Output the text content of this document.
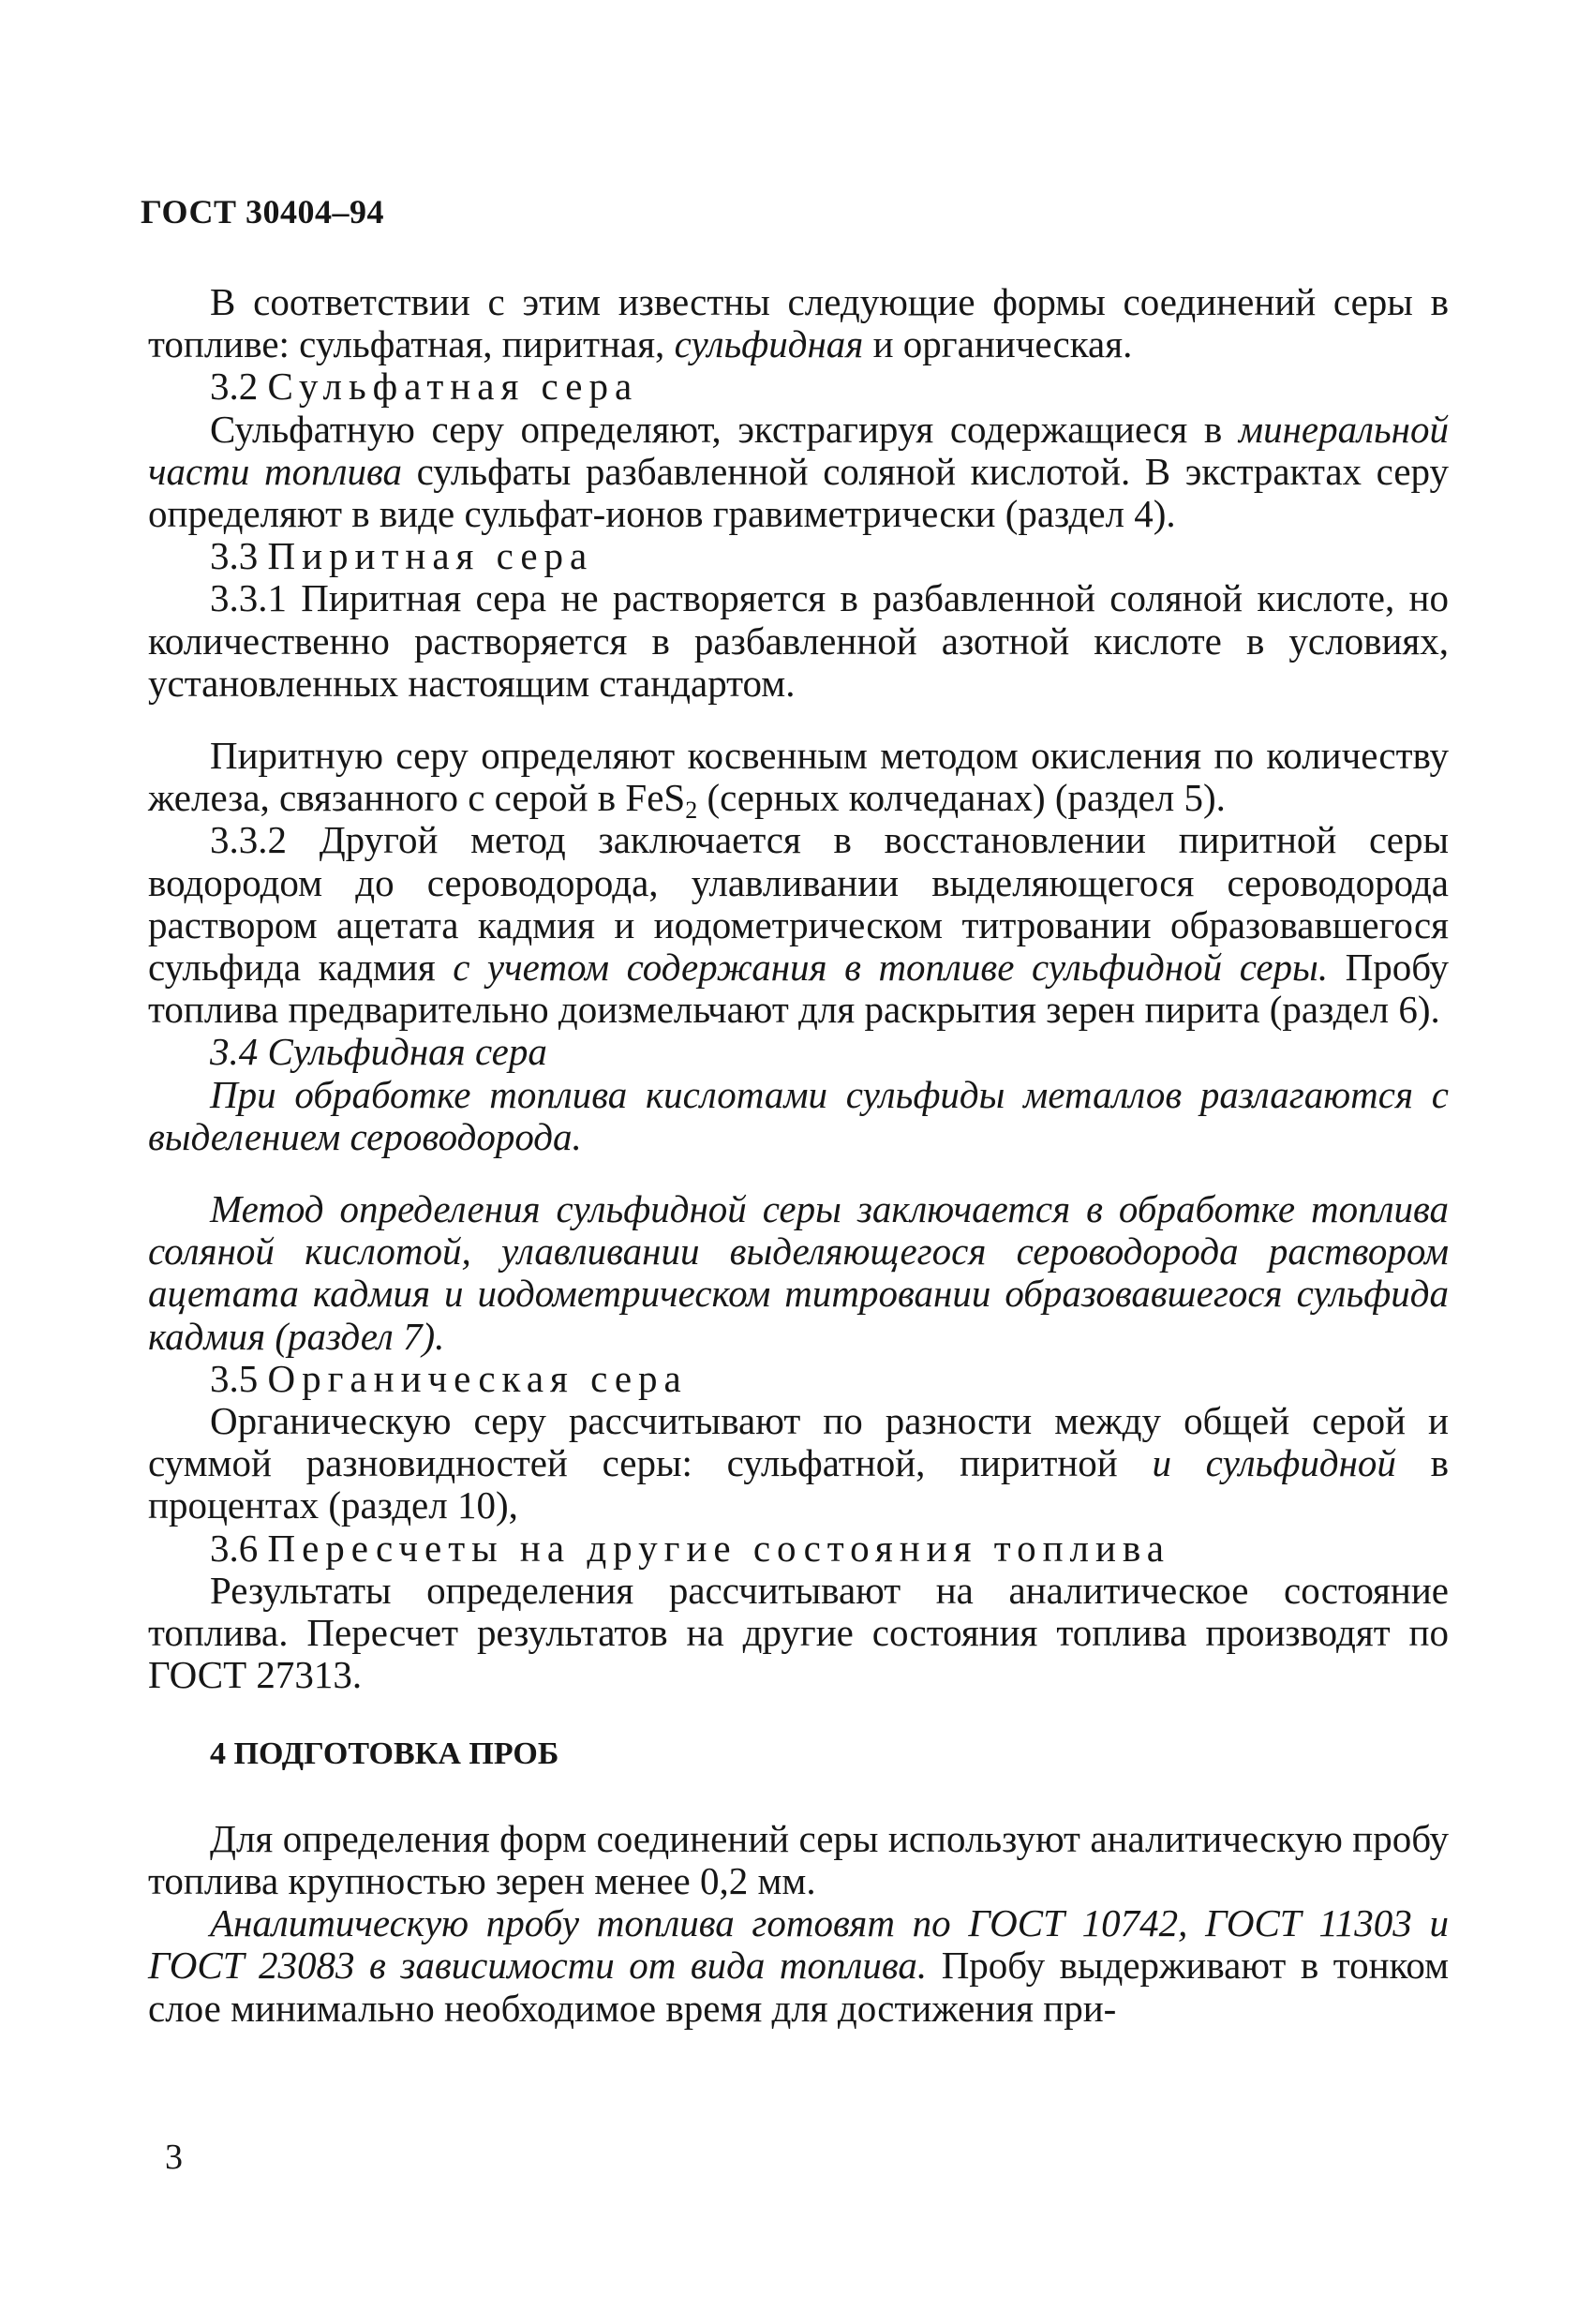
ГОСТ 30404–94

В соответствии с этим известны следующие формы соединений серы в топливе: сульфатная, пиритная, сульфидная и органическая.

3.2 Сульфатная сера

Сульфатную серу определяют, экстрагируя содержащиеся в минеральной части топлива сульфаты разбавленной соляной кислотой. В экстрактах серу определяют в виде сульфат-ионов гравиметрически (раздел 4).

3.3 Пиритная сера

3.3.1 Пиритная сера не растворяется в разбавленной соляной кислоте, но количественно растворяется в разбавленной азотной кислоте в условиях, установленных настоящим стандартом.

Пиритную серу определяют косвенным методом окисления по количеству железа, связанного с серой в FeS$_2$ (серных колчеданах) (раздел 5).

3.3.2 Другой метод заключается в восстановлении пиритной серы водородом до сероводорода, улавливании выделяющегося сероводорода раствором ацетата кадмия и иодометрическом титровании образовавшегося сульфида кадмия с учетом содержания в топливе сульфидной серы. Пробу топлива предварительно доизмельчают для раскрытия зерен пирита (раздел 6).

3.4 Сульфидная сера

При обработке топлива кислотами сульфиды металлов разлагаются с выделением сероводорода.

Метод определения сульфидной серы заключается в обработке топлива соляной кислотой, улавливании выделяющегося сероводорода раствором ацетата кадмия и иодометрическом титровании образовавшегося сульфида кадмия (раздел 7).

3.5 Органическая сера

Органическую серу рассчитывают по разности между общей серой и суммой разновидностей серы: сульфатной, пиритной и сульфидной в процентах (раздел 10),

3.6 Пересчеты на другие состояния топлива

Результаты определения рассчитывают на аналитическое состояние топлива. Пересчет результатов на другие состояния топлива производят по ГОСТ 27313.

4 ПОДГОТОВКА ПРОБ

Для определения форм соединений серы используют аналитическую пробу топлива крупностью зерен менее 0,2 мм.

Аналитическую пробу топлива готовят по ГОСТ 10742, ГОСТ 11303 и ГОСТ 23083 в зависимости от вида топлива. Пробу выдерживают в тонком слое минимально необходимое время для достижения при-

3
